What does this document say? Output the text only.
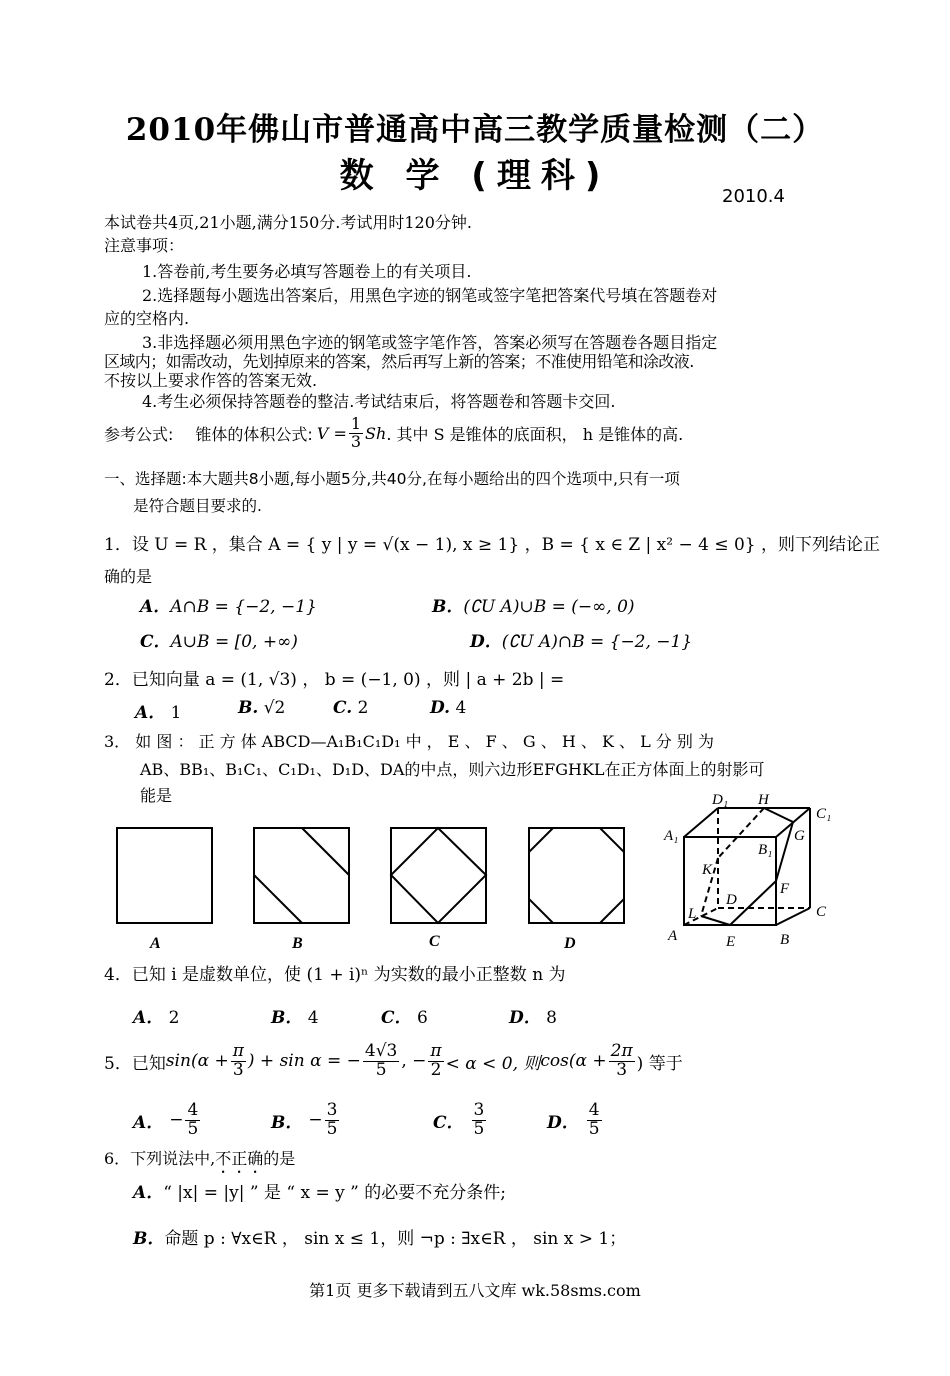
2010年佛山市普通高中高三教学质量检测（二）
数 学 (理科)
2010.4
本试卷共4页,21小题,满分150分.考试用时120分钟.
注意事项：
1.答卷前,考生要务必填写答题卷上的有关项目.
2.选择题每小题选出答案后，用黑色字迹的钢笔或签字笔把答案代号填在答题卷对
应的空格内.
3.非选择题必须用黑色字迹的钢笔或签字笔作答，答案必须写在答题卷各题目指定
区域内；如需改动，先划掉原来的答案，然后再写上新的答案；不准使用铅笔和涂改液.
不按以上要求作答的答案无效.
4.考生必须保持答题卷的整洁.考试结束后，将答题卷和答题卡交回.
参考公式: 锥体的体积公式: $V = \frac{1}{3}$ Sh . 其中 S 是锥体的底面积， h 是锥体的高.
一、选择题:本大题共8小题,每小题5分,共40分,在每小题给出的四个选项中,只有一项
是符合题目要求的.
1．设 U = R ，集合 A = { y | y = √(x − 1), x ≥ 1} ，B = { x ∈ Z | x² − 4 ≤ 0} ，则下列结论正
确的是
A．A∩B = {−2, −1}	B．(∁U A)∪B = (−∞, 0)
C．A∪B = [0, +∞)	D．(∁U A)∩B = {−2, −1}
2．已知向量 a = (1, √3) ， b = (−1, 0) ，则 | a + 2b | =
A． 1	B. √2	C. 2	D. 4
3． 如 图 ： 正 方 体 ABCD—A₁B₁C₁D₁ 中 ， E 、 F 、 G 、 H 、 K 、 L 分 别 为
AB、BB₁、B₁C₁、C₁D₁、D₁D、DA的中点，则六边形EFGHKL在正方体面上的射影可
能是
A	B	C	D
D₁ H
C₁
A₁	G
B₁
K
F
D
L	C
A	E	B
4．已知 i 是虚数单位，使 (1 + i)ⁿ 为实数的最小正整数 n 为
A． 2	B． 4	C． 6	D． 8
5．已知 $\sin(\alpha + \frac{\pi}{3}$ ) + sin α = − $\frac{4√3}{5}$ , − $\frac{\pi}{2} < \alpha < 0$, 则 $\cos(\alpha + \frac{2\pi}{3}$ ) 等于
A． − $\frac{4}{5}$	B． − $\frac{3}{5}$	C． $\frac{3}{5}$	D． $\frac{4}{5}$
6．下列说法中,不正确的是
A．“ |x| = |y| ” 是 “ x = y ” 的必要不充分条件;
B．命题 p : ∀x∈R ， sin x ≤ 1，则 ¬p : ∃x∈R ， sin x > 1；
第1页 更多下载请到五八文库 wk.58sms.com
